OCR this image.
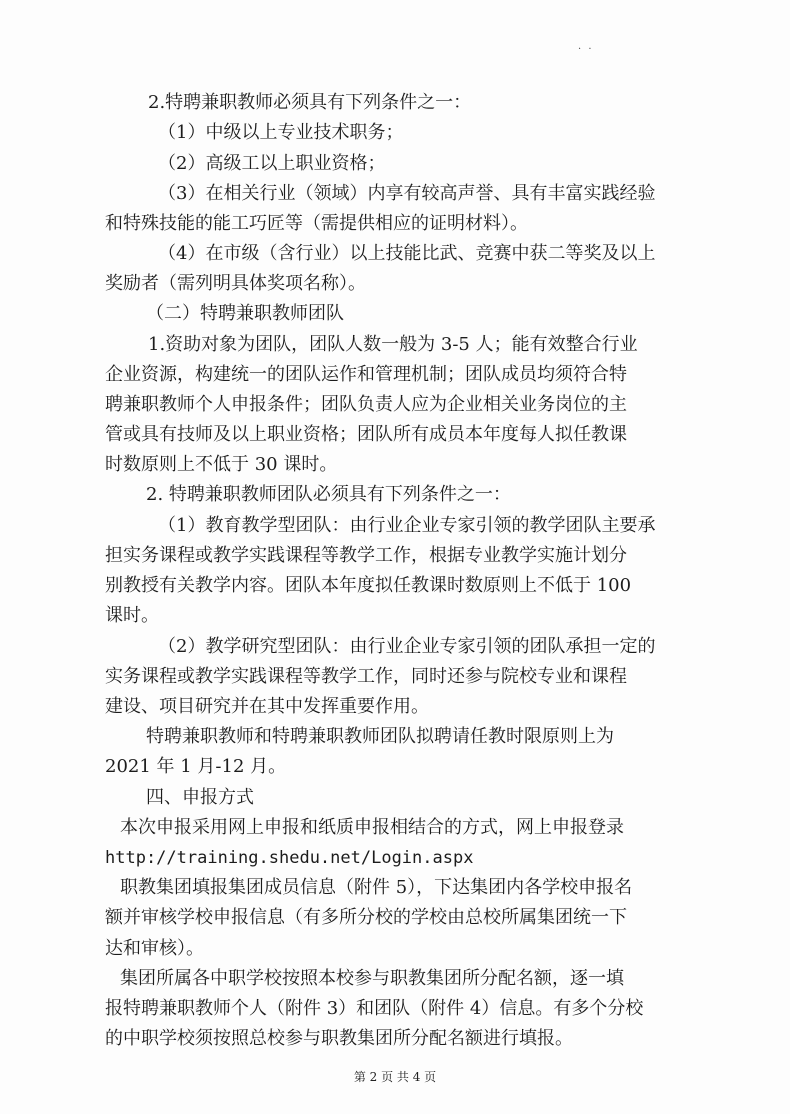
· ·
2.特聘兼职教师必须具有下列条件之一：
（1）中级以上专业技术职务；
（2）高级工以上职业资格；
（3）在相关行业（领域）内享有较高声誉、具有丰富实践经验
和特殊技能的能工巧匠等（需提供相应的证明材料）。
（4）在市级（含行业）以上技能比武、竞赛中获二等奖及以上
奖励者（需列明具体奖项名称）。
（二）特聘兼职教师团队
1.资助对象为团队，团队人数一般为 3-5 人；能有效整合行业
企业资源，构建统一的团队运作和管理机制；团队成员均须符合特
聘兼职教师个人申报条件；团队负责人应为企业相关业务岗位的主
管或具有技师及以上职业资格；团队所有成员本年度每人拟任教课
时数原则上不低于 30 课时。
2. 特聘兼职教师团队必须具有下列条件之一：
（1）教育教学型团队：由行业企业专家引领的教学团队主要承
担实务课程或教学实践课程等教学工作，根据专业教学实施计划分
别教授有关教学内容。团队本年度拟任教课时数原则上不低于 100
课时。
（2）教学研究型团队：由行业企业专家引领的团队承担一定的
实务课程或教学实践课程等教学工作，同时还参与院校专业和课程
建设、项目研究并在其中发挥重要作用。
特聘兼职教师和特聘兼职教师团队拟聘请任教时限原则上为
2021 年 1 月-12 月。
四、申报方式
本次申报采用网上申报和纸质申报相结合的方式，网上申报登录
http://training.shedu.net/Login.aspx
职教集团填报集团成员信息（附件 5），下达集团内各学校申报名
额并审核学校申报信息（有多所分校的学校由总校所属集团统一下
达和审核）。
集团所属各中职学校按照本校参与职教集团所分配名额，逐一填
报特聘兼职教师个人（附件 3）和团队（附件 4）信息。有多个分校
的中职学校须按照总校参与职教集团所分配名额进行填报。
第 2 页 共 4 页
